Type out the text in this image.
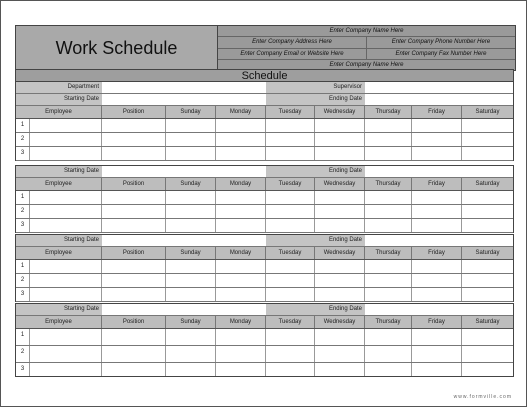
Work Schedule
Enter Company Name Here
Enter Company Address Here	Enter Company Phone Number Here
Enter Company Email or Website Here	Enter Company Fax Number Here
Enter Company Name Here
Schedule
Department	Supervisor
Starting Date	Ending Date
Employee	Position	Sunday	Monday	Tuesday	Wednesday	Thursday	Friday	Saturday
1
2
3
Starting Date	Ending Date
Employee	Position	Sunday	Monday	Tuesday	Wednesday	Thursday	Friday	Saturday
1
2
3
Starting Date	Ending Date
Employee	Position	Sunday	Monday	Tuesday	Wednesday	Thursday	Friday	Saturday
1
2
3
Starting Date	Ending Date
Employee	Position	Sunday	Monday	Tuesday	Wednesday	Thursday	Friday	Saturday
1
2
3
www.formville.com
